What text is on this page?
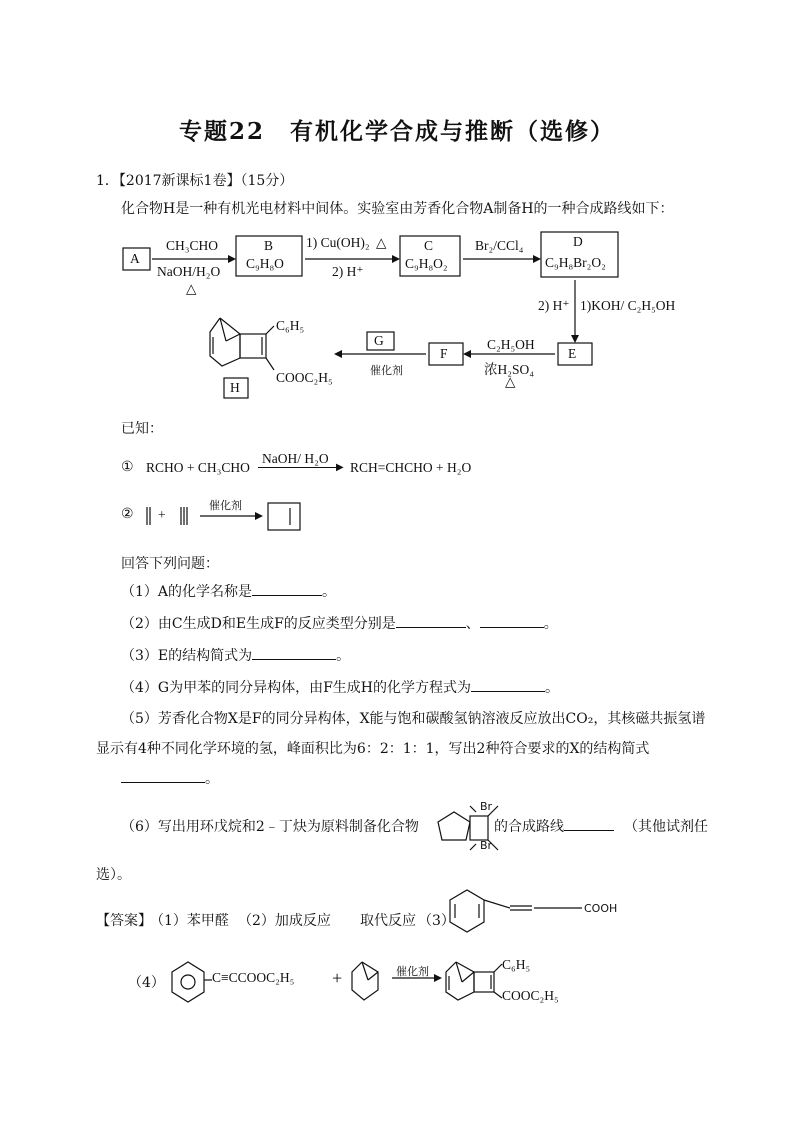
专题22　有机化学合成与推断（选修）
1．【2017新课标1卷】（15分）
化合物H是一种有机光电材料中间体。实验室由芳香化合物A制备H的一种合成路线如下：
A
B
C₉H₈O
C
C₉H₈O₂
D
C₉H₈Br₂O₂
E
F
G
H
CH₃CHO
NaOH/H₂O
△
1) Cu(OH)₂ △
2) H⁺
Br₂/CCl₄
2) H⁺ 1)KOH/ C₂H₅OH
C₂H₅OH
浓H₂SO₄
△
催化剂
C₆H₅
COOC₂H₅
已知：
① RCHO + CH₃CHO
NaOH/ H₂O
▶ RCH=CHCHO + H₂O
② +
催化剂
回答下列问题：
（1）A的化学名称是	。
（2）由C生成D和E生成F的反应类型分别是	、	。
（3）E的结构简式为	。
（4）G为甲苯的同分异构体，由F生成H的化学方程式为	。
（5）芳香化合物X是F的同分异构体，X能与饱和碳酸氢钠溶液反应放出CO₂，其核磁共振氢谱
显示有4种不同化学环境的氢，峰面积比为6：2：1：1，写出2种符合要求的X的结构简式
。
（6）写出用环戊烷和2﹣丁炔为原料制备化合物
Br
Br
的合成路线	（其他试剂任
选）。
【答案】
（1）苯甲醛 （2）加成反应 取代反应 （3）
COOH
（4）	C≡CCOOC₂H₅ +	催化剂	C₆H₅
COOC₂H₅
